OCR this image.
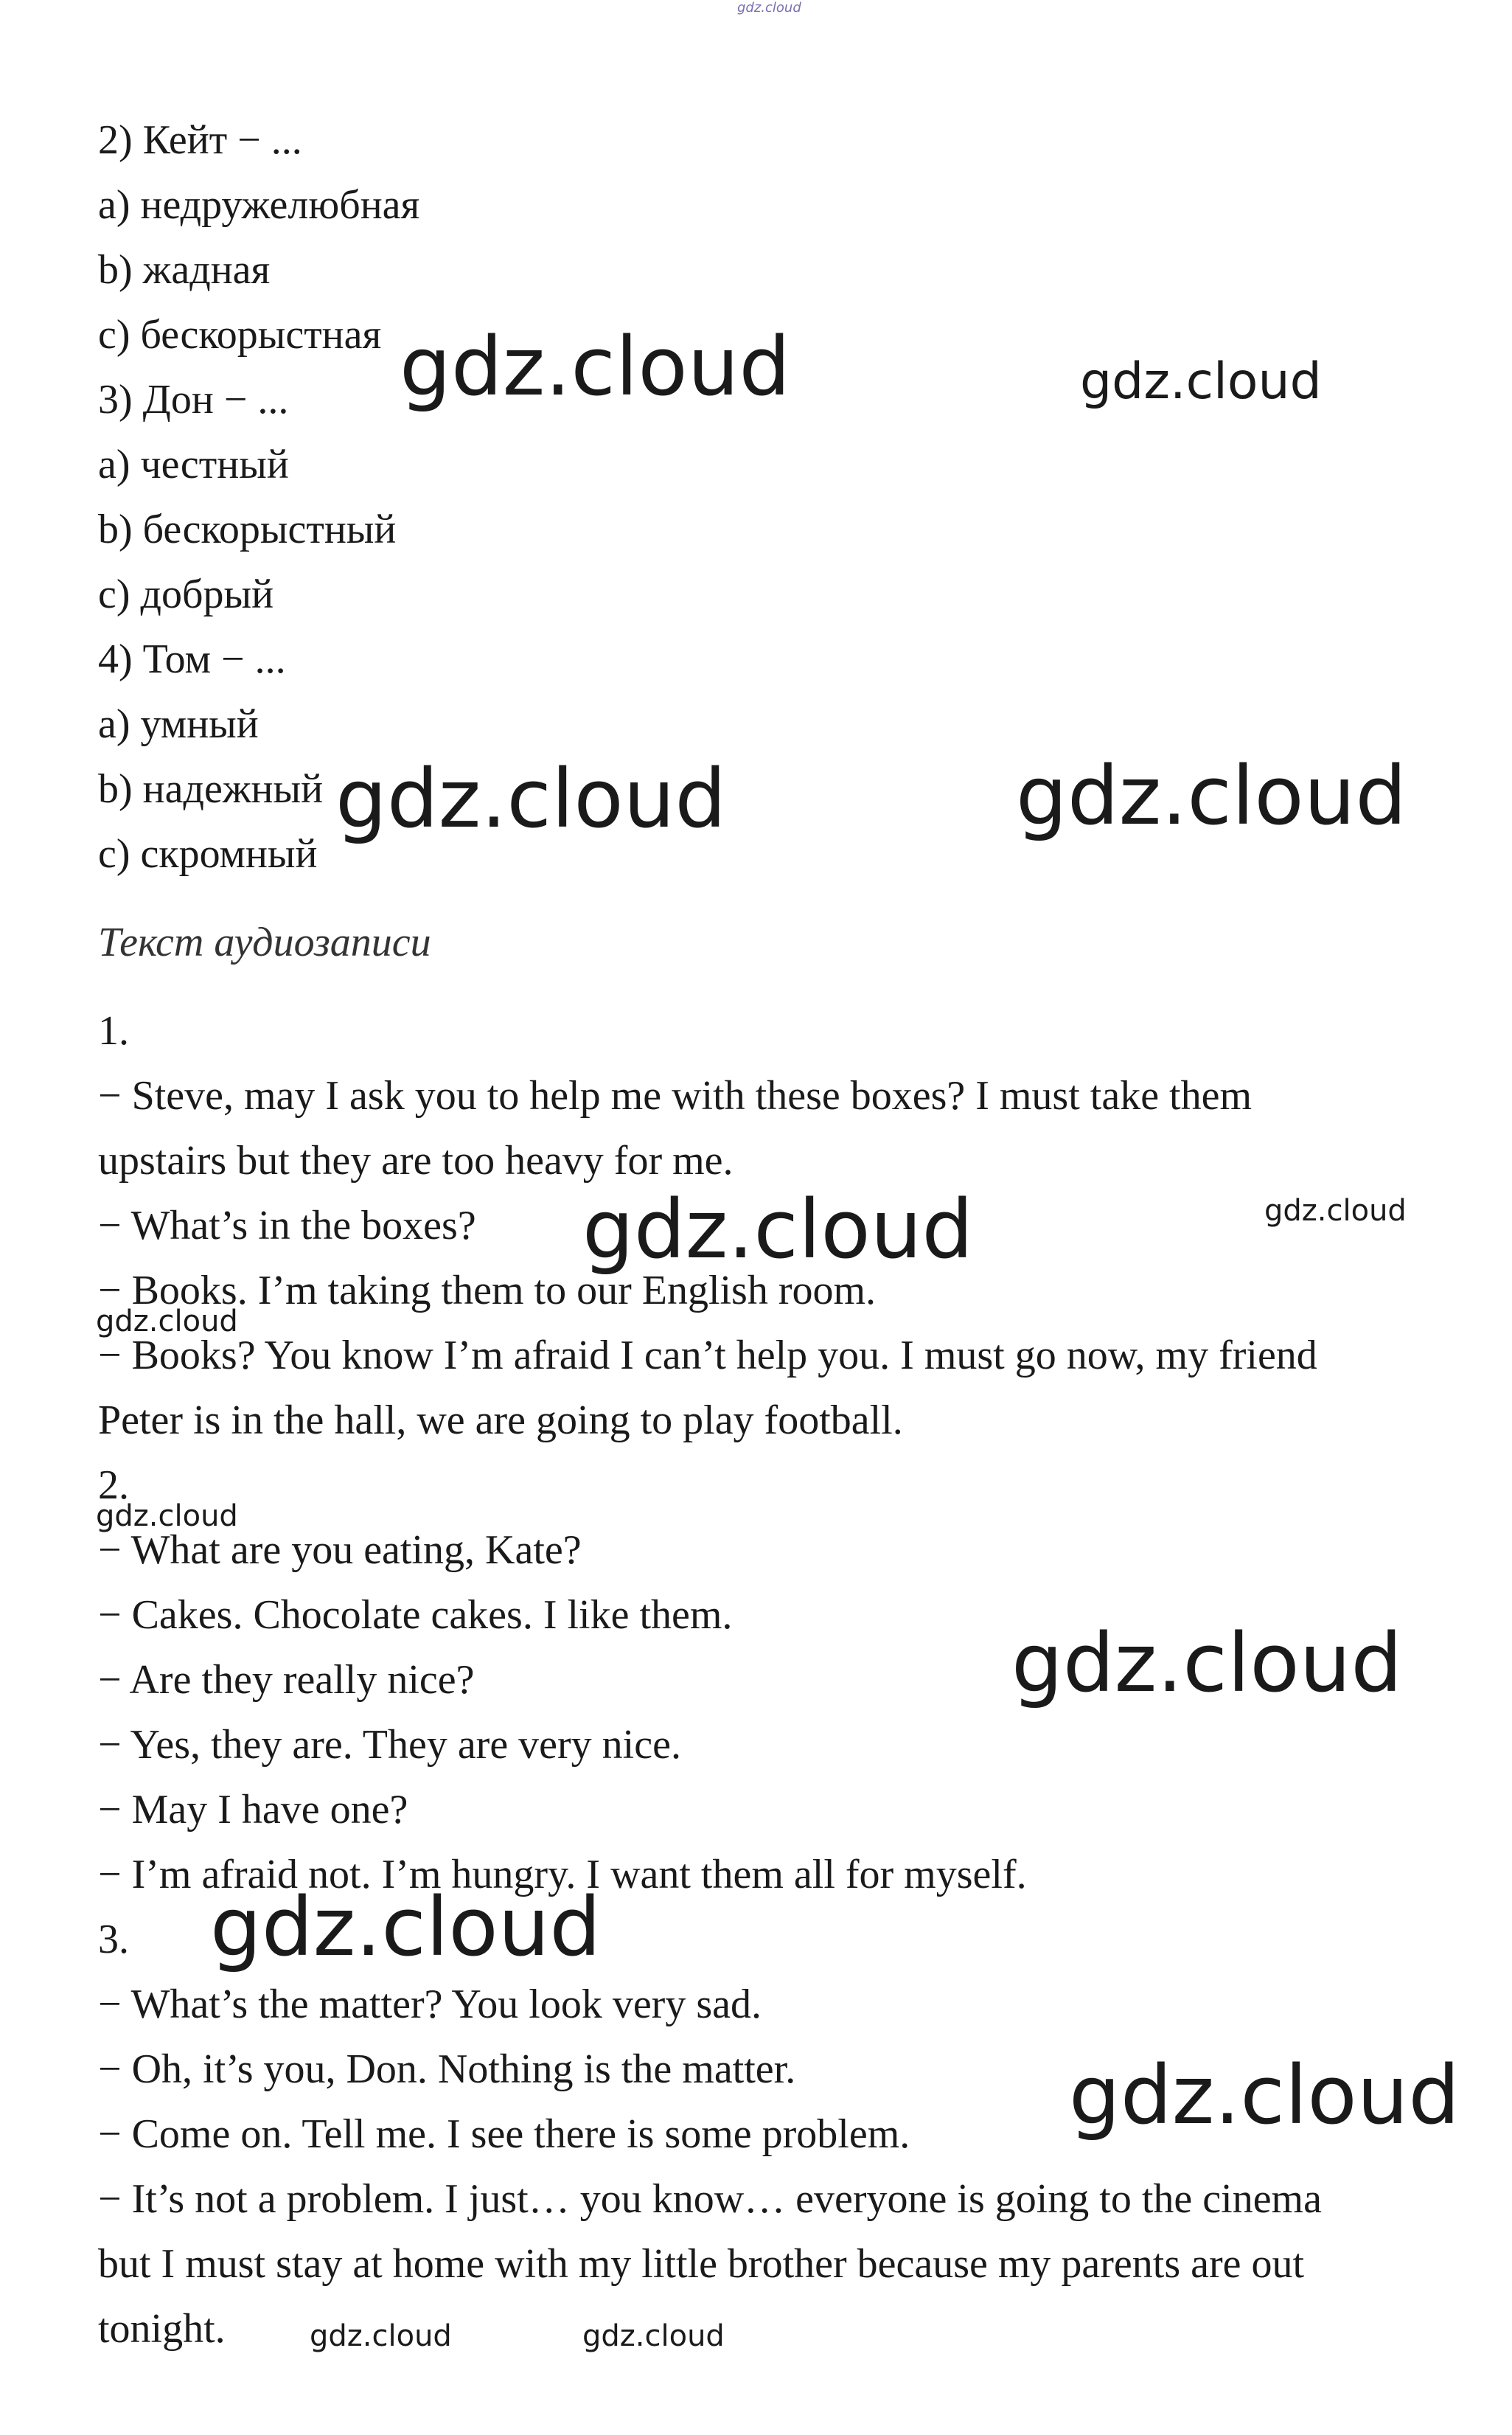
gdz.cloud
2) Кейт − ...
a) недружелюбная
b) жадная
c) бескорыстная
3) Дон − ...
a) честный
b) бескорыстный
c) добрый
4) Том − ...
a) умный
b) надежный
c) скромный
Текст аудиозаписи
1.
− Steve, may I ask you to help me with these boxes? I must take them
upstairs but they are too heavy for me.
− What’s in the boxes?
− Books. I’m taking them to our English room.
− Books? You know I’m afraid I can’t help you. I must go now, my friend
Peter is in the hall, we are going to play football.
2.
− What are you eating, Kate?
− Cakes. Chocolate cakes. I like them.
− Are they really nice?
− Yes, they are. They are very nice.
− May I have one?
− I’m afraid not. I’m hungry. I want them all for myself.
3.
− What’s the matter? You look very sad.
− Oh, it’s you, Don. Nothing is the matter.
− Come on. Tell me. I see there is some problem.
− It’s not a problem. I just… you know… everyone is going to the cinema
but I must stay at home with my little brother because my parents are out
tonight.
gdz.cloud	gdz.cloud
gdz.cloud	gdz.cloud
gdz.cloud	gdz.cloud
gdz.cloud
gdz.cloud
gdz.cloud
gdz.cloud
gdz.cloud
gdz.cloud	gdz.cloud
